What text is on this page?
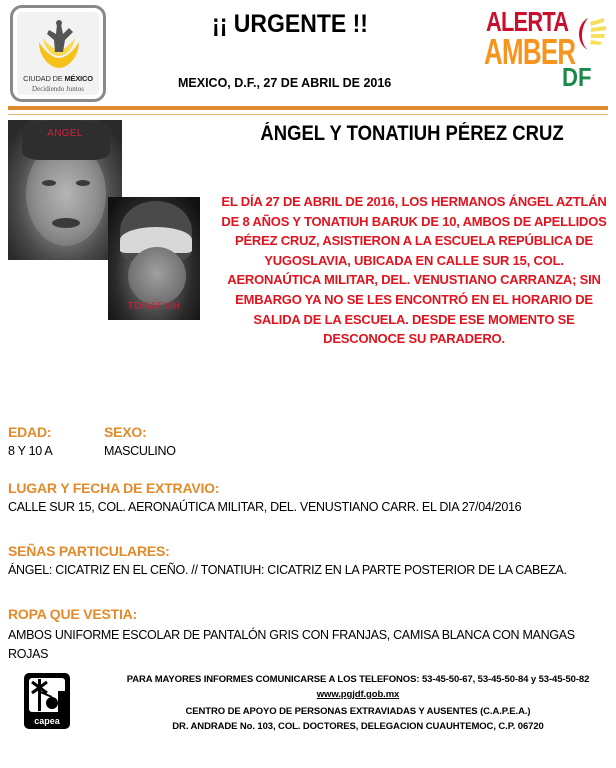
CIUDAD DE MÉXICO
Decidiendo Juntos
¡¡ URGENTE !!
MEXICO, D.F., 27 DE ABRIL DE 2016
ALERTA
AMBER
DF
ANGEL
TONATIUH
ÁNGEL Y TONATIUH PÉREZ CRUZ
EL DÍA 27 DE ABRIL DE 2016, LOS HERMANOS ÁNGEL AZTLÁN DE 8 AÑOS Y TONATIUH BARUK DE 10, AMBOS DE APELLIDOS PÉREZ CRUZ, ASISTIERON A LA ESCUELA REPÚBLICA DE YUGOSLAVIA, UBICADA EN CALLE SUR 15, COL. AERONAÚTICA MILITAR, DEL. VENUSTIANO CARRANZA; SIN EMBARGO YA NO SE LES ENCONTRÓ EN EL HORARIO DE SALIDA DE LA ESCUELA. DESDE ESE MOMENTO SE DESCONOCE SU PARADERO.
EDAD:
8 Y 10 A
SEXO:
MASCULINO
LUGAR Y FECHA DE EXTRAVIO:
CALLE SUR 15, COL. AERONAÚTICA MILITAR, DEL. VENUSTIANO CARR. EL DIA 27/04/2016
SEÑAS PARTICULARES:
ÁNGEL: CICATRIZ EN EL CEÑO. // TONATIUH: CICATRIZ EN LA PARTE POSTERIOR DE LA CABEZA.
ROPA QUE VESTIA:
AMBOS UNIFORME ESCOLAR DE PANTALÓN GRIS CON FRANJAS, CAMISA BLANCA CON MANGAS ROJAS
capea
PARA MAYORES INFORMES COMUNICARSE A LOS TELEFONOS: 53-45-50-67, 53-45-50-84 y 53-45-50-82
www.pgjdf.gob.mx
CENTRO DE APOYO DE PERSONAS EXTRAVIADAS Y AUSENTES (C.A.P.E.A.)
DR. ANDRADE No. 103, COL. DOCTORES, DELEGACION CUAUHTEMOC, C.P. 06720
